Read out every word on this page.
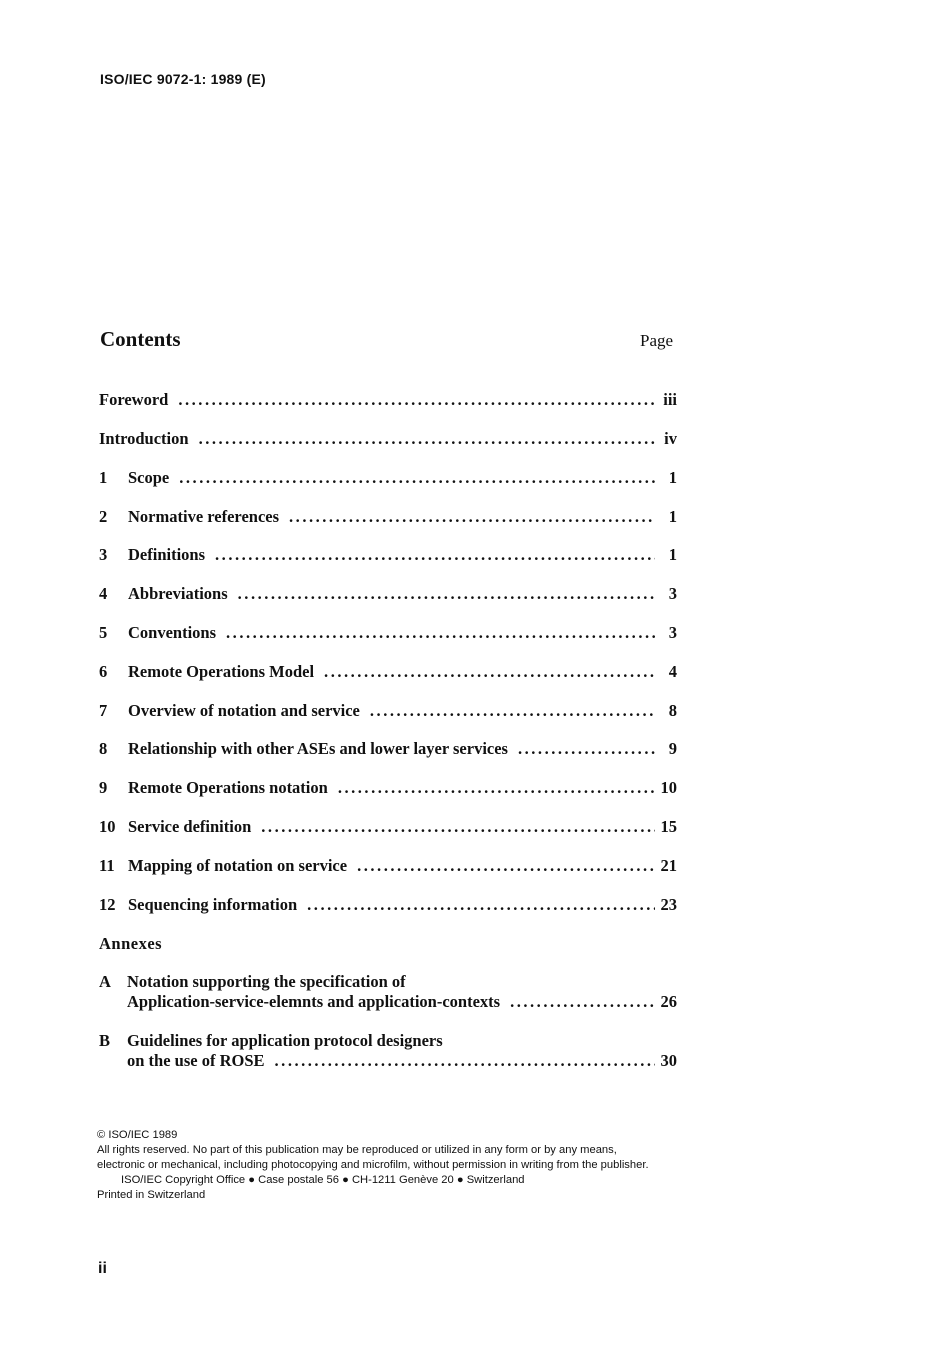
ISO/IEC 9072-1: 1989 (E)
Contents	Page
Foreword . . .	iii
Introduction . . .	iv
1	Scope . . .	1
2	Normative references . . .	1
3	Definitions . . .	1
4	Abbreviations . . .	3
5	Conventions . . .	3
6	Remote Operations Model . . .	4
7	Overview of notation and service . . .	8
8	Relationship with other ASEs and lower layer services . . .	9
9	Remote Operations notation . . .	10
10 Service definition . . .	15
11 Mapping of notation on service . . .	21
12 Sequencing information . . .	23
Annexes
A Notation supporting the specification of
Application-service-elemnts and application-contexts . . .	26
B	Guidelines for application protocol designers
on the use of ROSE . . .	30
© ISO/IEC 1989
All rights reserved. No part of this publication may be reproduced or utilized in any form or by any means, electronic or mechanical, including photocopying and microfilm, without permission in writing from the publisher.
ISO/IEC Copyright Office ● Case postale 56 ● CH-1211 Genève 20 ● Switzerland
Printed in Switzerland
ii
